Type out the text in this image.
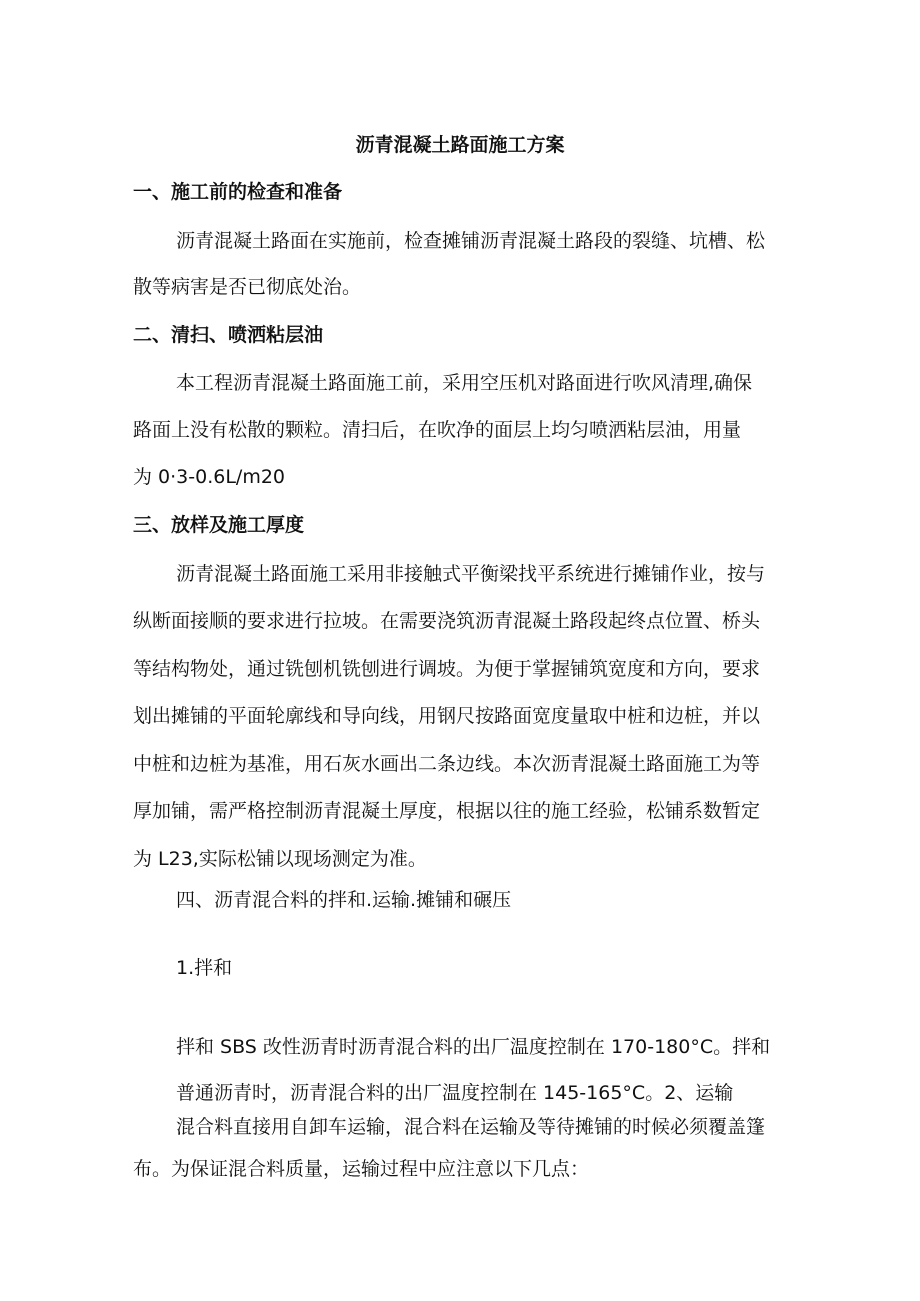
沥青混凝土路面施工方案
一、施工前的检查和准备
沥青混凝土路面在实施前，检查摊铺沥青混凝土路段的裂缝、坑槽、松
散等病害是否已彻底处治。
二、清扫、喷洒粘层油
本工程沥青混凝土路面施工前，采用空压机对路面进行吹风清理,确保
路面上没有松散的颗粒。清扫后，在吹净的面层上均匀喷洒粘层油，用量
为 0·3-0.6L/m20
三、放样及施工厚度
沥青混凝土路面施工采用非接触式平衡梁找平系统进行摊铺作业，按与
纵断面接顺的要求进行拉坡。在需要浇筑沥青混凝土路段起终点位置、桥头
等结构物处，通过铣刨机铣刨进行调坡。为便于掌握铺筑宽度和方向，要求
划出摊铺的平面轮廓线和导向线，用钢尺按路面宽度量取中桩和边桩，并以
中桩和边桩为基准，用石灰水画出二条边线。本次沥青混凝土路面施工为等
厚加铺，需严格控制沥青混凝土厚度，根据以往的施工经验，松铺系数暂定
为 L23,实际松铺以现场测定为准。
四、沥青混合料的拌和.运输.摊铺和碾压
1.拌和
拌和 SBS 改性沥青时沥青混合料的出厂温度控制在 170-180°C。拌和
普通沥青时，沥青混合料的出厂温度控制在 145-165°C。2、运输
混合料直接用自卸车运输，混合料在运输及等待摊铺的时候必须覆盖篷
布。为保证混合料质量，运输过程中应注意以下几点：
